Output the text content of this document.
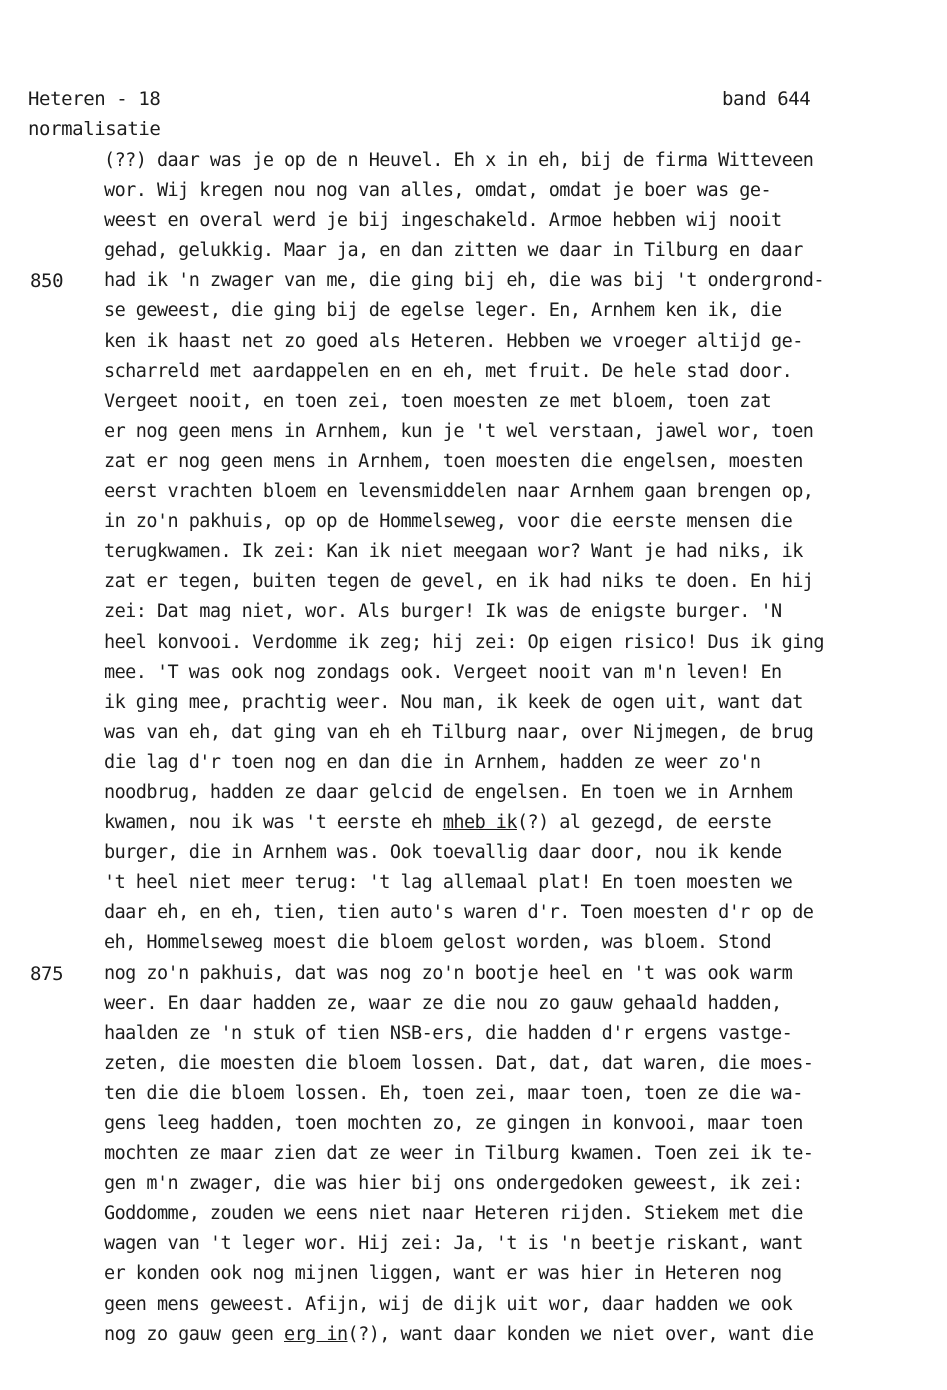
Heteren - 18	band 644
normalisatie
850
875
(??) daar was je op de n Heuvel. Eh x in eh, bij de firma Witteveen
wor. Wij kregen nou nog van alles, omdat, omdat je boer was ge-
weest en overal werd je bij ingeschakeld. Armoe hebben wij nooit
gehad, gelukkig. Maar ja, en dan zitten we daar in Tilburg en daar
had ik 'n zwager van me, die ging bij eh, die was bij 't ondergrond-
se geweest, die ging bij de egelse leger. En, Arnhem ken ik, die
ken ik haast net zo goed als Heteren. Hebben we vroeger altijd ge-
scharreld met aardappelen en en eh, met fruit. De hele stad door.
Vergeet nooit, en toen zei, toen moesten ze met bloem, toen zat
er nog geen mens in Arnhem, kun je 't wel verstaan, jawel wor, toen
zat er nog geen mens in Arnhem, toen moesten die engelsen, moesten
eerst vrachten bloem en levensmiddelen naar Arnhem gaan brengen op,
in zo'n pakhuis, op op de Hommelseweg, voor die eerste mensen die
terugkwamen. Ik zei: Kan ik niet meegaan wor? Want je had niks, ik
zat er tegen, buiten tegen de gevel, en ik had niks te doen. En hij
zei: Dat mag niet, wor. Als burger! Ik was de enigste burger. 'N
heel konvooi. Verdomme ik zeg; hij zei: Op eigen risico! Dus ik ging
mee. 'T was ook nog zondags ook. Vergeet nooit van m'n leven! En
ik ging mee, prachtig weer. Nou man, ik keek de ogen uit, want dat
was van eh, dat ging van eh eh Tilburg naar, over Nijmegen, de brug
die lag d'r toen nog en dan die in Arnhem, hadden ze weer zo'n
noodbrug, hadden ze daar gelcid de engelsen. En toen we in Arnhem
kwamen, nou ik was 't eerste eh mheb ik(?) al gezegd, de eerste
burger, die in Arnhem was. Ook toevallig daar door, nou ik kende
't heel niet meer terug: 't lag allemaal plat! En toen moesten we
daar eh, en eh, tien, tien auto's waren d'r. Toen moesten d'r op de
eh, Hommelseweg moest die bloem gelost worden, was bloem. Stond
nog zo'n pakhuis, dat was nog zo'n bootje heel en 't was ook warm
weer. En daar hadden ze, waar ze die nou zo gauw gehaald hadden,
haalden ze 'n stuk of tien NSB-ers, die hadden d'r ergens vastge-
zeten, die moesten die bloem lossen. Dat, dat, dat waren, die moes-
ten die die bloem lossen. Eh, toen zei, maar toen, toen ze die wa-
gens leeg hadden, toen mochten zo, ze gingen in konvooi, maar toen
mochten ze maar zien dat ze weer in Tilburg kwamen. Toen zei ik te-
gen m'n zwager, die was hier bij ons ondergedoken geweest, ik zei:
Goddomme, zouden we eens niet naar Heteren rijden. Stiekem met die
wagen van 't leger wor. Hij zei: Ja, 't is 'n beetje riskant, want
er konden ook nog mijnen liggen, want er was hier in Heteren nog
geen mens geweest. Afijn, wij de dijk uit wor, daar hadden we ook
nog zo gauw geen erg in(?), want daar konden we niet over, want die
